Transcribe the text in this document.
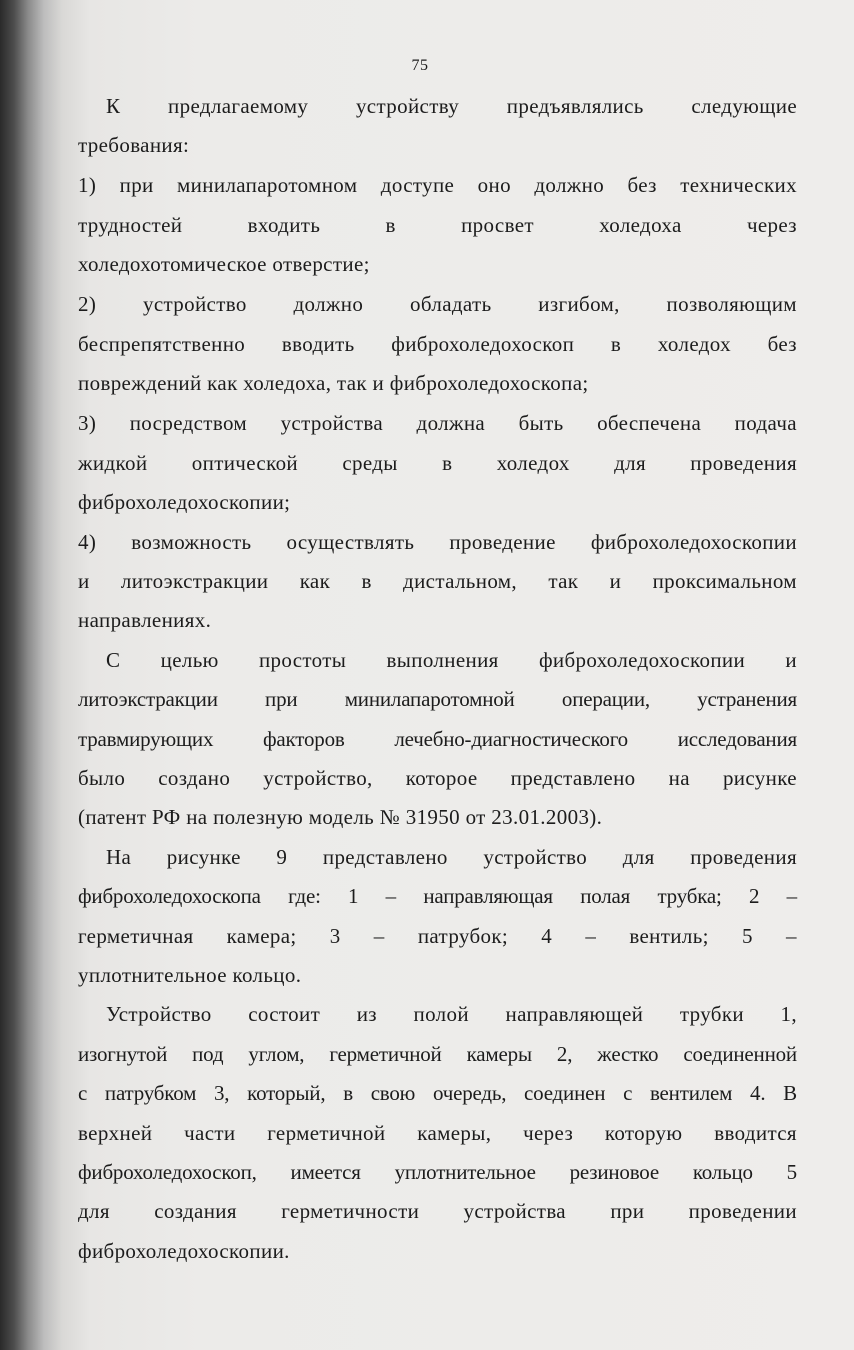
75
К предлагаемому устройству предъявлялись следующие
требования:
1) при минилапаротомном доступе оно должно без технических
трудностей	входить	в	просвет	холедоха	через
холедохотомическое отверстие;
2) устройство должно обладать изгибом, позволяющим
беспрепятственно вводить фиброхоледохоскоп в холедох без
повреждений как холедоха, так и фиброхоледохоскопа;
3) посредством устройства должна быть обеспечена подача
жидкой оптической среды в холедох для проведения
фиброхоледохоскопии;
4) возможность осуществлять проведение фиброхоледохоскопии
и литоэкстракции как в дистальном, так и проксимальном
направлениях.
С целью простоты выполнения фиброхоледохоскопии и
литоэкстракции при минилапаротомной операции, устранения
травмирующих факторов лечебно-диагностического исследования
было создано устройство, которое представлено на рисунке
(патент РФ на полезную модель № 31950 от 23.01.2003).
На рисунке 9 представлено устройство для проведения
фиброхоледохоскопа где: 1 – направляющая полая трубка; 2 –
герметичная камера; 3 – патрубок; 4 – вентиль; 5 –
уплотнительное кольцо.
Устройство состоит из полой направляющей трубки 1,
изогнутой под углом, герметичной камеры 2, жестко соединенной
с патрубком 3, который, в свою очередь, соединен с вентилем 4. В
верхней части герметичной камеры, через которую вводится
фиброхоледохоскоп, имеется уплотнительное резиновое кольцо 5
для создания герметичности устройства при проведении
фиброхоледохоскопии.
